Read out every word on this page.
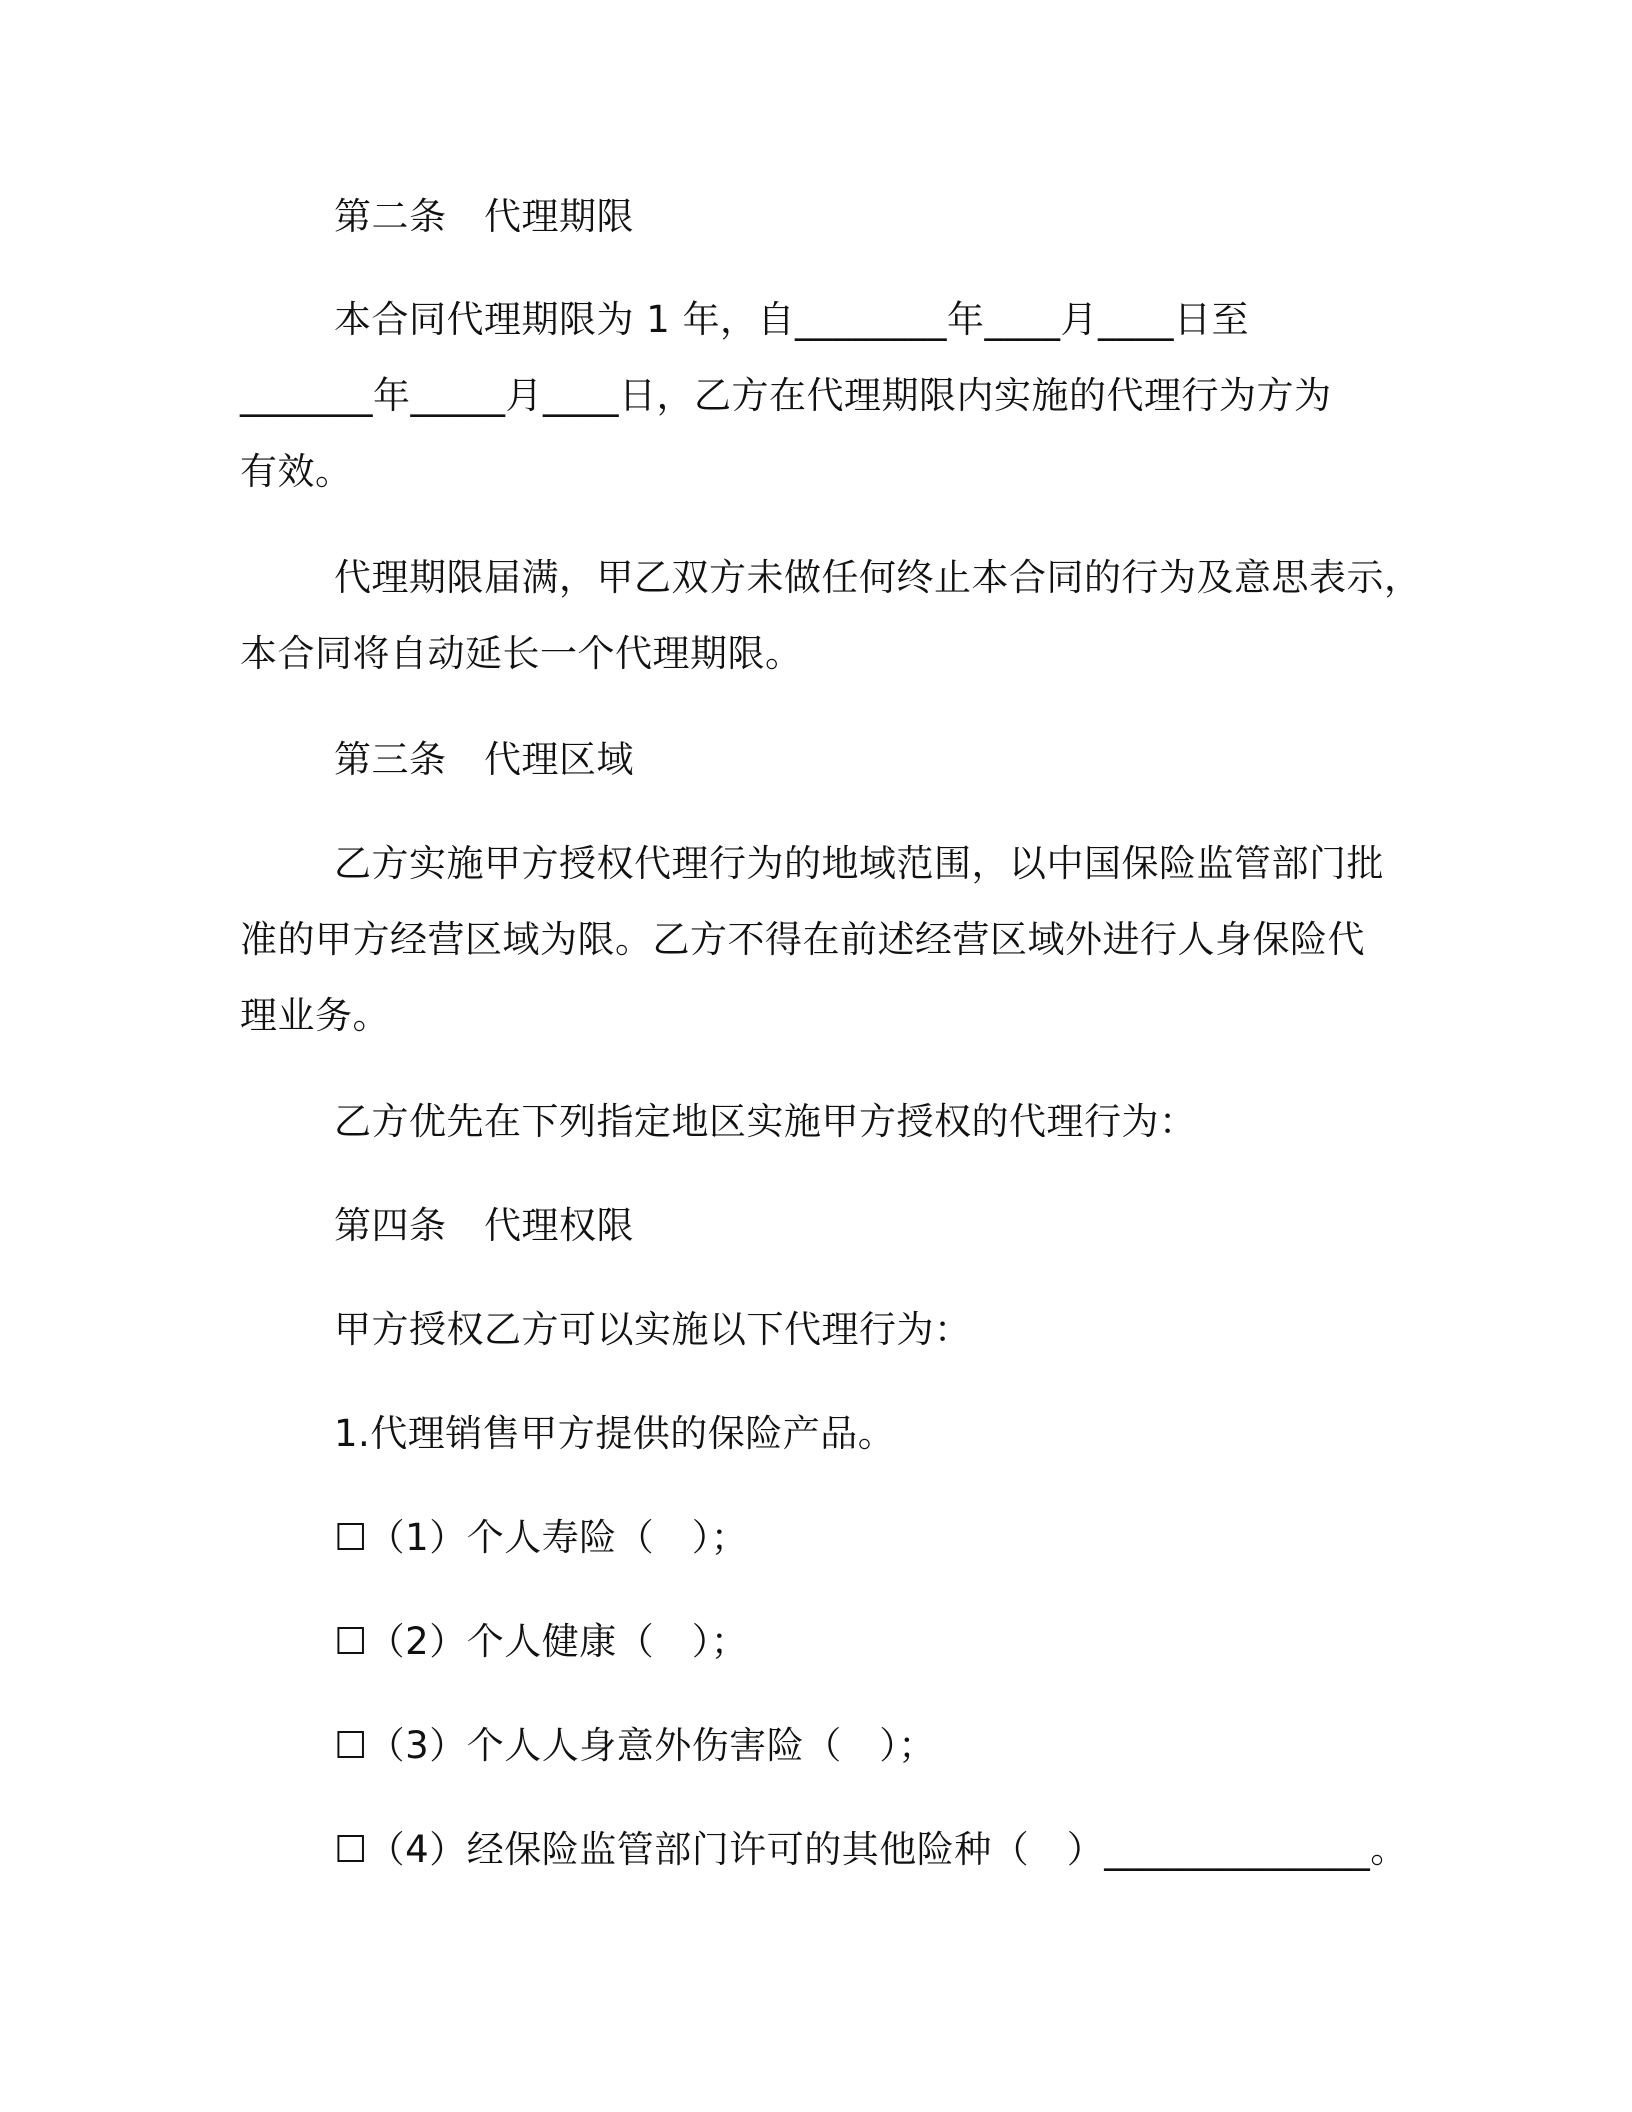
第二条　代理期限
本合同代理期限为 1 年，自________年____月____日至
_______年_____月____日，乙方在代理期限内实施的代理行为方为
有效。
代理期限届满，甲乙双方未做任何终止本合同的行为及意思表示，
本合同将自动延长一个代理期限。
第三条　代理区域
乙方实施甲方授权代理行为的地域范围，以中国保险监管部门批
准的甲方经营区域为限。乙方不得在前述经营区域外进行人身保险代
理业务。
乙方优先在下列指定地区实施甲方授权的代理行为：
第四条　代理权限
甲方授权乙方可以实施以下代理行为：
1.代理销售甲方提供的保险产品。
☐（1）个人寿险（　）；
☐（2）个人健康（　）；
☐（3）个人人身意外伤害险（　）；
☐（4）经保险监管部门许可的其他险种（　）______________。
